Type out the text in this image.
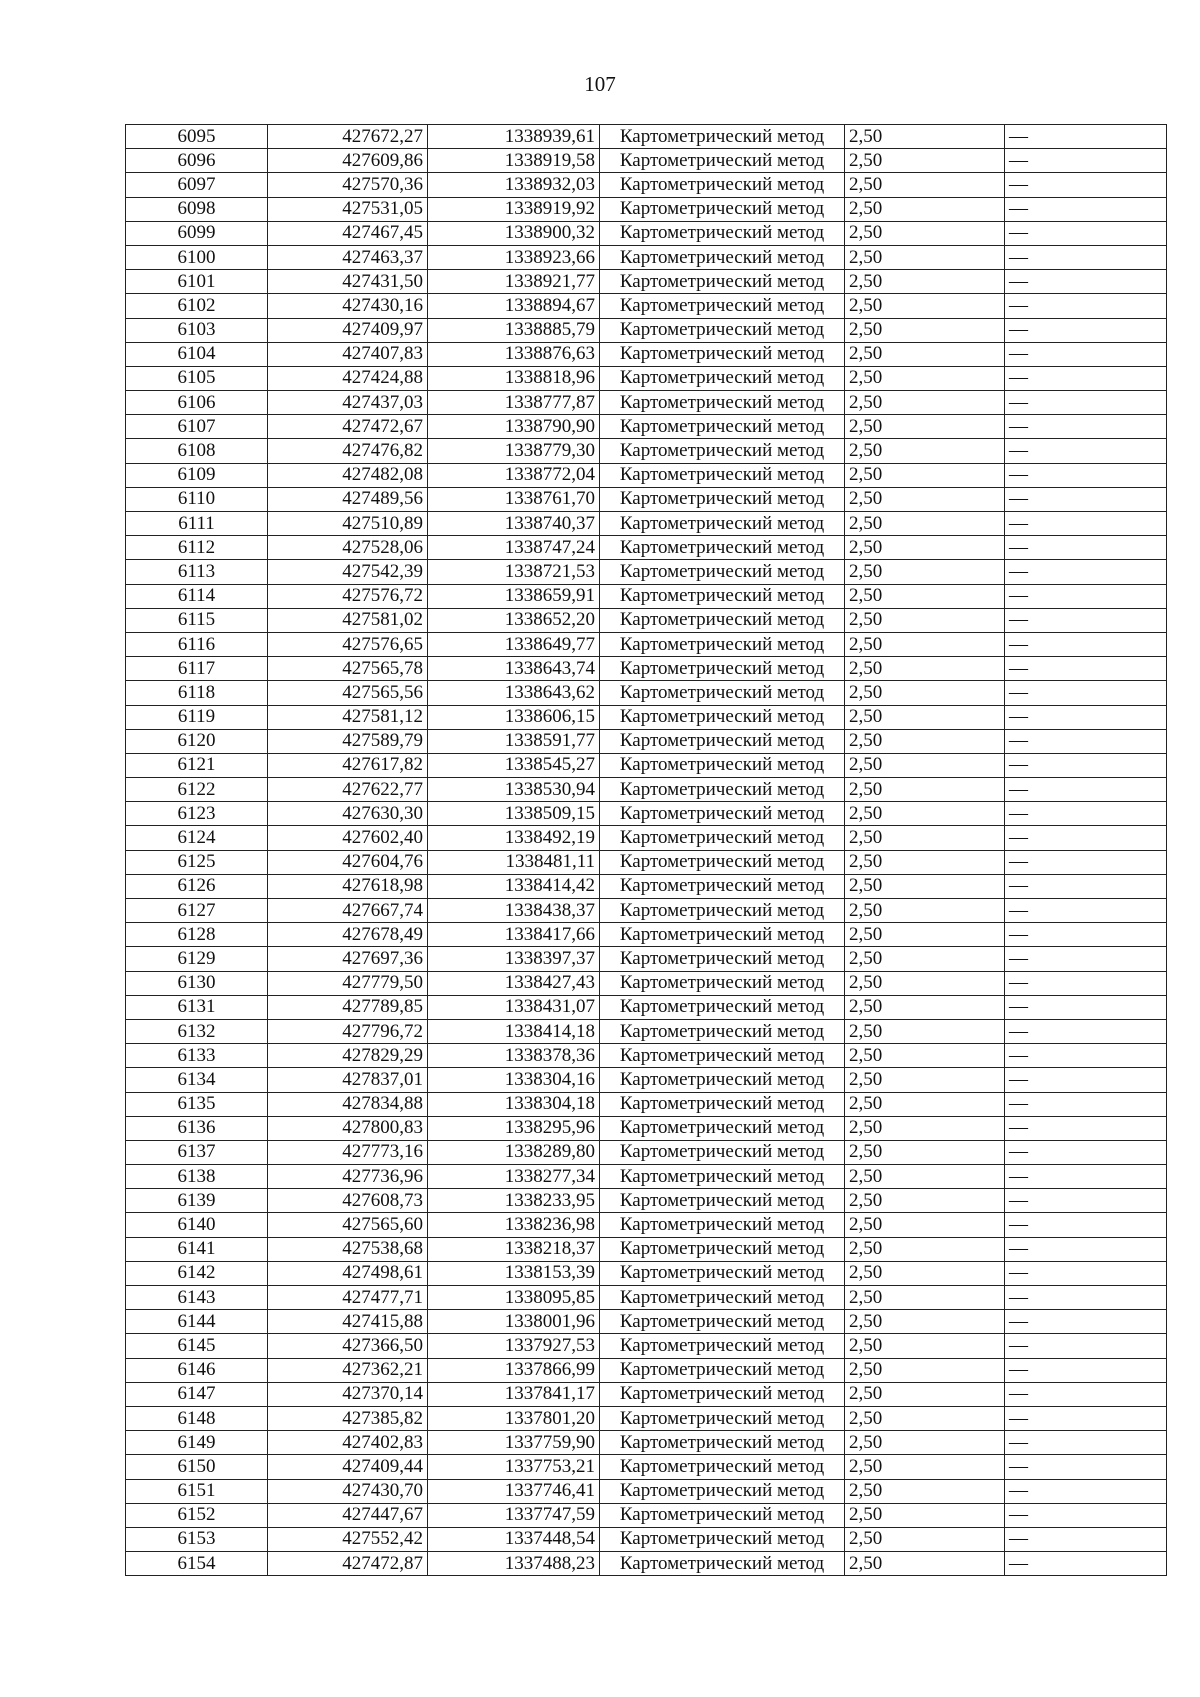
107
6095	427672,27	1338939,61	Картометрический метод	2,50	—
6096	427609,86	1338919,58	Картометрический метод	2,50	—
6097	427570,36	1338932,03	Картометрический метод	2,50	—
6098	427531,05	1338919,92	Картометрический метод	2,50	—
6099	427467,45	1338900,32	Картометрический метод	2,50	—
6100	427463,37	1338923,66	Картометрический метод	2,50	—
6101	427431,50	1338921,77	Картометрический метод	2,50	—
6102	427430,16	1338894,67	Картометрический метод	2,50	—
6103	427409,97	1338885,79	Картометрический метод	2,50	—
6104	427407,83	1338876,63	Картометрический метод	2,50	—
6105	427424,88	1338818,96	Картометрический метод	2,50	—
6106	427437,03	1338777,87	Картометрический метод	2,50	—
6107	427472,67	1338790,90	Картометрический метод	2,50	—
6108	427476,82	1338779,30	Картометрический метод	2,50	—
6109	427482,08	1338772,04	Картометрический метод	2,50	—
6110	427489,56	1338761,70	Картометрический метод	2,50	—
6111	427510,89	1338740,37	Картометрический метод	2,50	—
6112	427528,06	1338747,24	Картометрический метод	2,50	—
6113	427542,39	1338721,53	Картометрический метод	2,50	—
6114	427576,72	1338659,91	Картометрический метод	2,50	—
6115	427581,02	1338652,20	Картометрический метод	2,50	—
6116	427576,65	1338649,77	Картометрический метод	2,50	—
6117	427565,78	1338643,74	Картометрический метод	2,50	—
6118	427565,56	1338643,62	Картометрический метод	2,50	—
6119	427581,12	1338606,15	Картометрический метод	2,50	—
6120	427589,79	1338591,77	Картометрический метод	2,50	—
6121	427617,82	1338545,27	Картометрический метод	2,50	—
6122	427622,77	1338530,94	Картометрический метод	2,50	—
6123	427630,30	1338509,15	Картометрический метод	2,50	—
6124	427602,40	1338492,19	Картометрический метод	2,50	—
6125	427604,76	1338481,11	Картометрический метод	2,50	—
6126	427618,98	1338414,42	Картометрический метод	2,50	—
6127	427667,74	1338438,37	Картометрический метод	2,50	—
6128	427678,49	1338417,66	Картометрический метод	2,50	—
6129	427697,36	1338397,37	Картометрический метод	2,50	—
6130	427779,50	1338427,43	Картометрический метод	2,50	—
6131	427789,85	1338431,07	Картометрический метод	2,50	—
6132	427796,72	1338414,18	Картометрический метод	2,50	—
6133	427829,29	1338378,36	Картометрический метод	2,50	—
6134	427837,01	1338304,16	Картометрический метод	2,50	—
6135	427834,88	1338304,18	Картометрический метод	2,50	—
6136	427800,83	1338295,96	Картометрический метод	2,50	—
6137	427773,16	1338289,80	Картометрический метод	2,50	—
6138	427736,96	1338277,34	Картометрический метод	2,50	—
6139	427608,73	1338233,95	Картометрический метод	2,50	—
6140	427565,60	1338236,98	Картометрический метод	2,50	—
6141	427538,68	1338218,37	Картометрический метод	2,50	—
6142	427498,61	1338153,39	Картометрический метод	2,50	—
6143	427477,71	1338095,85	Картометрический метод	2,50	—
6144	427415,88	1338001,96	Картометрический метод	2,50	—
6145	427366,50	1337927,53	Картометрический метод	2,50	—
6146	427362,21	1337866,99	Картометрический метод	2,50	—
6147	427370,14	1337841,17	Картометрический метод	2,50	—
6148	427385,82	1337801,20	Картометрический метод	2,50	—
6149	427402,83	1337759,90	Картометрический метод	2,50	—
6150	427409,44	1337753,21	Картометрический метод	2,50	—
6151	427430,70	1337746,41	Картометрический метод	2,50	—
6152	427447,67	1337747,59	Картометрический метод	2,50	—
6153	427552,42	1337448,54	Картометрический метод	2,50	—
6154	427472,87	1337488,23	Картометрический метод	2,50	—
